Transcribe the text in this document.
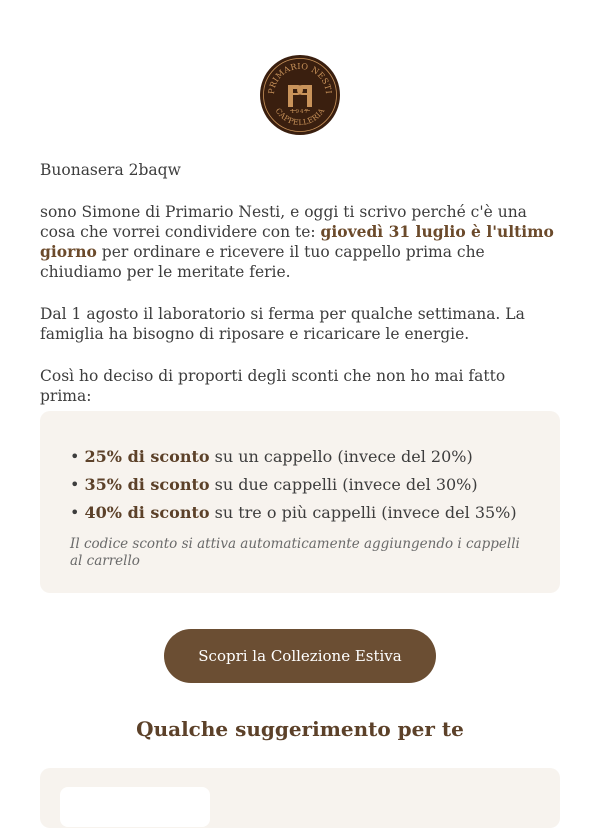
PRIMARIO NESTI
CAPPELLERIA
1947

Buonasera 2baqw

sono Simone di Primario Nesti, e oggi ti scrivo perché c'è una cosa che vorrei condividere con te: giovedì 31 luglio è l'ultimo giorno per ordinare e ricevere il tuo cappello prima che chiudiamo per le meritate ferie.

Dal 1 agosto il laboratorio si ferma per qualche settimana. La famiglia ha bisogno di riposare e ricaricare le energie.

Così ho deciso di proporti degli sconti che non ho mai fatto prima:

• 25% di sconto su un cappello (invece del 20%)
• 35% di sconto su due cappelli (invece del 30%)
• 40% di sconto su tre o più cappelli (invece del 35%)

Il codice sconto si attiva automaticamente aggiungendo i cappelli al carrello

Scopri la Collezione Estiva
Qualche suggerimento per te
